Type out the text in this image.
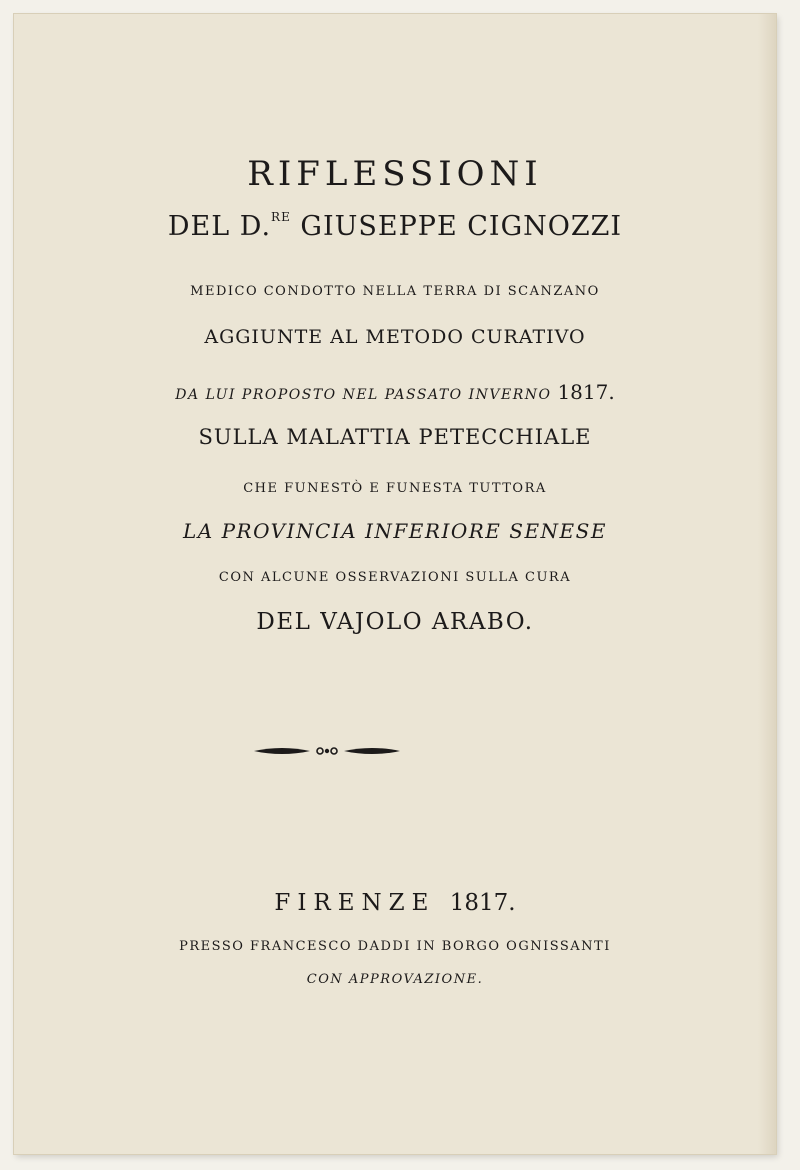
RIFLESSIONI
DEL D.$^{RE}$ GIUSEPPE CIGNOZZI
MEDICO CONDOTTO NELLA TERRA DI SCANZANO
AGGIUNTE AL METODO CURATIVO
DA LUI PROPOSTO NEL PASSATO INVERNO 1817.
SULLA MALATTIA PETECCHIALE
CHE FUNESTÒ E FUNESTA TUTTORA
LA PROVINCIA INFERIORE SENESE
CON ALCUNE OSSERVAZIONI SULLA CURA
DEL VAJOLO ARABO.
FIRENZE 1817.
PRESSO FRANCESCO DADDI IN BORGO OGNISSANTI
CON APPROVAZIONE.
